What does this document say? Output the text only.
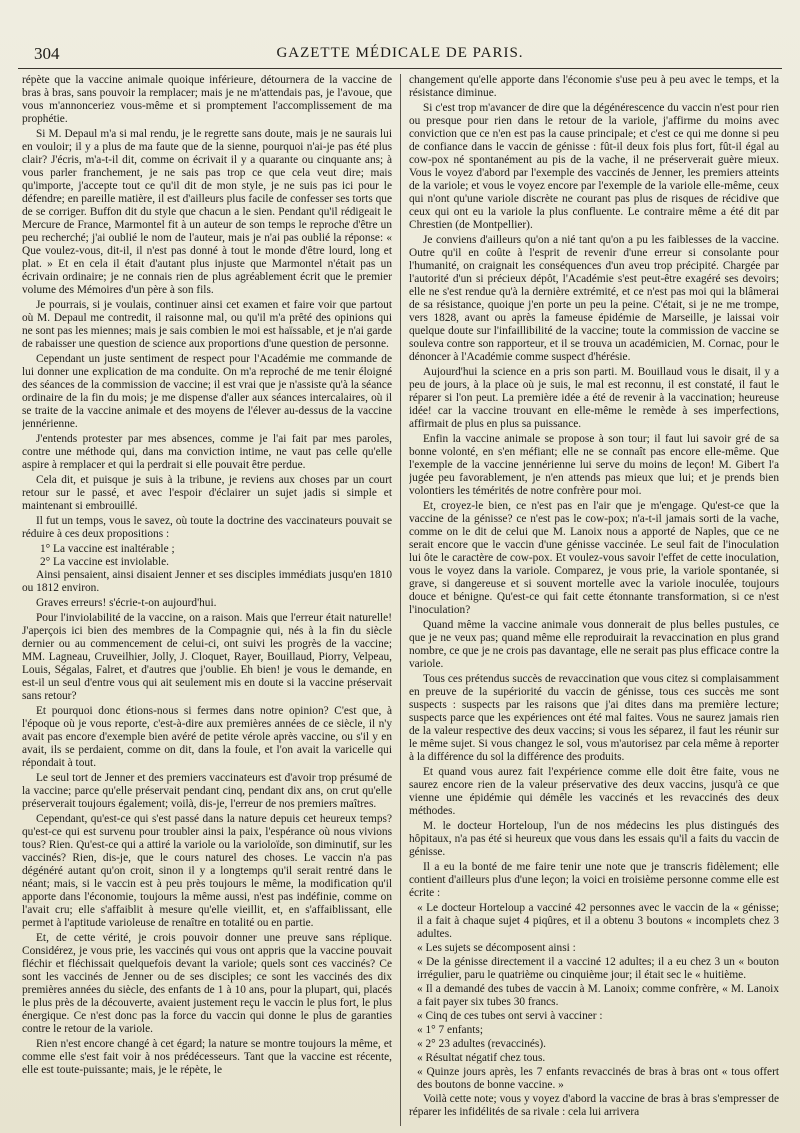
304	GAZETTE MÉDICALE DE PARIS.

répète que la vaccine animale quoique inférieure, détournera de la vaccine de bras à bras, sans pouvoir la remplacer; mais je ne m'attendais pas, je l'avoue, que vous m'annonceriez vous-même et si promptement l'accomplissement de ma prophétie.

Si M. Depaul m'a si mal rendu, je le regrette sans doute, mais je ne saurais lui en vouloir; il y a plus de ma faute que de la sienne, pourquoi n'ai-je pas été plus clair? J'écris, m'a-t-il dit, comme on écrivait il y a quarante ou cinquante ans; à vous parler franchement, je ne sais pas trop ce que cela veut dire; mais qu'importe, j'accepte tout ce qu'il dit de mon style, je ne suis pas ici pour le défendre; en pareille matière, il est d'ailleurs plus facile de confesser ses torts que de se corriger. Buffon dit du style que chacun a le sien. Pendant qu'il rédigeait le Mercure de France, Marmontel fit à un auteur de son temps le reproche d'être un peu recherché; j'ai oublié le nom de l'auteur, mais je n'ai pas oublié la réponse: « Que voulez-vous, dit-il, il n'est pas donné à tout le monde d'être lourd, long et plat. » Et en cela il était d'autant plus injuste que Marmontel n'était pas un écrivain ordinaire; je ne connais rien de plus agréablement écrit que le premier volume des Mémoires d'un père à son fils.

Je pourrais, si je voulais, continuer ainsi cet examen et faire voir que partout où M. Depaul me contredit, il raisonne mal, ou qu'il m'a prêté des opinions qui ne sont pas les miennes; mais je sais combien le moi est haïssable, et je n'ai garde de rabaisser une question de science aux proportions d'une question de personne.

Cependant un juste sentiment de respect pour l'Académie me commande de lui donner une explication de ma conduite. On m'a reproché de me tenir éloigné des séances de la commission de vaccine; il est vrai que je n'assiste qu'à la séance ordinaire de la fin du mois; je me dispense d'aller aux séances intercalaires, où il se traite de la vaccine animale et des moyens de l'élever au-dessus de la vaccine jennérienne.

J'entends protester par mes absences, comme je l'ai fait par mes paroles, contre une méthode qui, dans ma conviction intime, ne vaut pas celle qu'elle aspire à remplacer et qui la perdrait si elle pouvait être perdue.

Cela dit, et puisque je suis à la tribune, je reviens aux choses par un court retour sur le passé, et avec l'espoir d'éclairer un sujet jadis si simple et maintenant si embrouillé.

Il fut un temps, vous le savez, où toute la doctrine des vaccinateurs pouvait se réduire à ces deux propositions :

1° La vaccine est inaltérable ;

2° La vaccine est inviolable.

Ainsi pensaient, ainsi disaient Jenner et ses disciples immédiats jusqu'en 1810 ou 1812 environ.

Graves erreurs! s'écrie-t-on aujourd'hui.

Pour l'inviolabilité de la vaccine, on a raison. Mais que l'erreur était naturelle! J'aperçois ici bien des membres de la Compagnie qui, nés à la fin du siècle dernier ou au commencement de celui-ci, ont suivi les progrès de la vaccine; MM. Lagneau, Cruveilhier, Jolly, J. Cloquet, Rayer, Bouillaud, Piorry, Velpeau, Louis, Ségalas, Falret, et d'autres que j'oublie. Eh bien! je vous le demande, en est-il un seul d'entre vous qui ait seulement mis en doute si la vaccine préservait sans retour?

Et pourquoi donc étions-nous si fermes dans notre opinion? C'est que, à l'époque où je vous reporte, c'est-à-dire aux premières années de ce siècle, il n'y avait pas encore d'exemple bien avéré de petite vérole après vaccine, ou s'il y en avait, ils se perdaient, comme on dit, dans la foule, et l'on avait la varicelle qui répondait à tout.

Le seul tort de Jenner et des premiers vaccinateurs est d'avoir trop présumé de la vaccine; parce qu'elle préservait pendant cinq, pendant dix ans, on crut qu'elle préserverait toujours également; voilà, dis-je, l'erreur de nos premiers maîtres.

Cependant, qu'est-ce qui s'est passé dans la nature depuis cet heureux temps? qu'est-ce qui est survenu pour troubler ainsi la paix, l'espérance où nous vivions tous? Rien. Qu'est-ce qui a attiré la variole ou la varioloïde, son diminutif, sur les vaccinés? Rien, dis-je, que le cours naturel des choses. Le vaccin n'a pas dégénéré autant qu'on croit, sinon il y a longtemps qu'il serait rentré dans le néant; mais, si le vaccin est à peu près toujours le même, la modification qu'il apporte dans l'économie, toujours la même aussi, n'est pas indéfinie, comme on l'avait cru; elle s'affaiblit à mesure qu'elle vieillit, et, en s'affaiblissant, elle permet à l'aptitude varioleuse de renaître en totalité ou en partie.

Et, de cette vérité, je crois pouvoir donner une preuve sans réplique. Considérez, je vous prie, les vaccinés qui vous ont appris que la vaccine pouvait fléchir et fléchissait quelquefois devant la variole; quels sont ces vaccinés? Ce sont les vaccinés de Jenner ou de ses disciples; ce sont les vaccinés des dix premières années du siècle, des enfants de 1 à 10 ans, pour la plupart, qui, placés le plus près de la découverte, avaient justement reçu le vaccin le plus fort, le plus énergique. Ce n'est donc pas la force du vaccin qui donne le plus de garanties contre le retour de la variole.

Rien n'est encore changé à cet égard; la nature se montre toujours la même, et comme elle s'est fait voir à nos prédécesseurs. Tant que la vaccine est récente, elle est toute-puissante; mais, je le répète, le

changement qu'elle apporte dans l'économie s'use peu à peu avec le temps, et la résistance diminue.

Si c'est trop m'avancer de dire que la dégénérescence du vaccin n'est pour rien ou presque pour rien dans le retour de la variole, j'affirme du moins avec conviction que ce n'en est pas la cause principale; et c'est ce qui me donne si peu de confiance dans le vaccin de génisse : fût-il deux fois plus fort, fût-il égal au cow-pox né spontanément au pis de la vache, il ne préserverait guère mieux. Vous le voyez d'abord par l'exemple des vaccinés de Jenner, les premiers atteints de la variole; et vous le voyez encore par l'exemple de la variole elle-même, ceux qui n'ont qu'une variole discrète ne courant pas plus de risques de récidive que ceux qui ont eu la variole la plus confluente. Le contraire même a été dit par Chrestien (de Montpellier).

Je conviens d'ailleurs qu'on a nié tant qu'on a pu les faiblesses de la vaccine. Outre qu'il en coûte à l'esprit de revenir d'une erreur si consolante pour l'humanité, on craignait les conséquences d'un aveu trop précipité. Chargée par l'autorité d'un si précieux dépôt, l'Académie s'est peut-être exagéré ses devoirs; elle ne s'est rendue qu'à la dernière extrémité, et ce n'est pas moi qui la blâmerai de sa résistance, quoique j'en porte un peu la peine. C'était, si je ne me trompe, vers 1828, avant ou après la fameuse épidémie de Marseille, je laissai voir quelque doute sur l'infaillibilité de la vaccine; toute la commission de vaccine se souleva contre son rapporteur, et il se trouva un académicien, M. Cornac, pour le dénoncer à l'Académie comme suspect d'hérésie.

Aujourd'hui la science en a pris son parti. M. Bouillaud vous le disait, il y a peu de jours, à la place où je suis, le mal est reconnu, il est constaté, il faut le réparer si l'on peut. La première idée a été de revenir à la vaccination; heureuse idée! car la vaccine trouvant en elle-même le remède à ses imperfections, affirmait de plus en plus sa puissance.

Enfin la vaccine animale se propose à son tour; il faut lui savoir gré de sa bonne volonté, en s'en méfiant; elle ne se connaît pas encore elle-même. Que l'exemple de la vaccine jennérienne lui serve du moins de leçon! M. Gibert l'a jugée peu favorablement, je n'en attends pas mieux que lui; et je prends bien volontiers les témérités de notre confrère pour moi.

Et, croyez-le bien, ce n'est pas en l'air que je m'engage. Qu'est-ce que la vaccine de la génisse? ce n'est pas le cow-pox; n'a-t-il jamais sorti de la vache, comme on le dit de celui que M. Lanoix nous a apporté de Naples, que ce ne serait encore que le vaccin d'une génisse vaccinée. Le seul fait de l'inoculation lui ôte le caractère de cow-pox. Et voulez-vous savoir l'effet de cette inoculation, vous le voyez dans la variole. Comparez, je vous prie, la variole spontanée, si grave, si dangereuse et si souvent mortelle avec la variole inoculée, toujours douce et bénigne. Qu'est-ce qui fait cette étonnante transformation, si ce n'est l'inoculation?

Quand même la vaccine animale vous donnerait de plus belles pustules, ce que je ne veux pas; quand même elle reproduirait la revaccination en plus grand nombre, ce que je ne crois pas davantage, elle ne serait pas plus efficace contre la variole.

Tous ces prétendus succès de revaccination que vous citez si complaisamment en preuve de la supériorité du vaccin de génisse, tous ces succès me sont suspects : suspects par les raisons que j'ai dites dans ma première lecture; suspects parce que les expériences ont été mal faites. Vous ne saurez jamais rien de la valeur respective des deux vaccins; si vous les séparez, il faut les réunir sur le même sujet. Si vous changez le sol, vous m'autorisez par cela même à reporter à la différence du sol la différence des produits.

Et quand vous aurez fait l'expérience comme elle doit être faite, vous ne saurez encore rien de la valeur préservative des deux vaccins, jusqu'à ce que vienne une épidémie qui démêle les vaccinés et les revaccinés des deux méthodes.

M. le docteur Horteloup, l'un de nos médecins les plus distingués des hôpitaux, n'a pas été si heureux que vous dans les essais qu'il a faits du vaccin de génisse.

Il a eu la bonté de me faire tenir une note que je transcris fidèlement; elle contient d'ailleurs plus d'une leçon; la voici en troisième personne comme elle est écrite :

« Le docteur Horteloup a vacciné 42 personnes avec le vaccin de la « génisse; il a fait à chaque sujet 4 piqûres, et il a obtenu 3 boutons « incomplets chez 3 adultes.

« Les sujets se décomposent ainsi :

« De la génisse directement il a vacciné 12 adultes; il a eu chez 3 un « bouton irrégulier, paru le quatrième ou cinquième jour; il était sec le « huitième.

« Il a demandé des tubes de vaccin à M. Lanoix; comme confrère, « M. Lanoix a fait payer six tubes 30 francs.

« Cinq de ces tubes ont servi à vacciner :

« 1° 7 enfants;

« 2° 23 adultes (revaccinés).

« Résultat négatif chez tous.

« Quinze jours après, les 7 enfants revaccinés de bras à bras ont « tous offert des boutons de bonne vaccine. »

Voilà cette note; vous y voyez d'abord la vaccine de bras à bras s'empresser de réparer les infidélités de sa rivale : cela lui arrivera
